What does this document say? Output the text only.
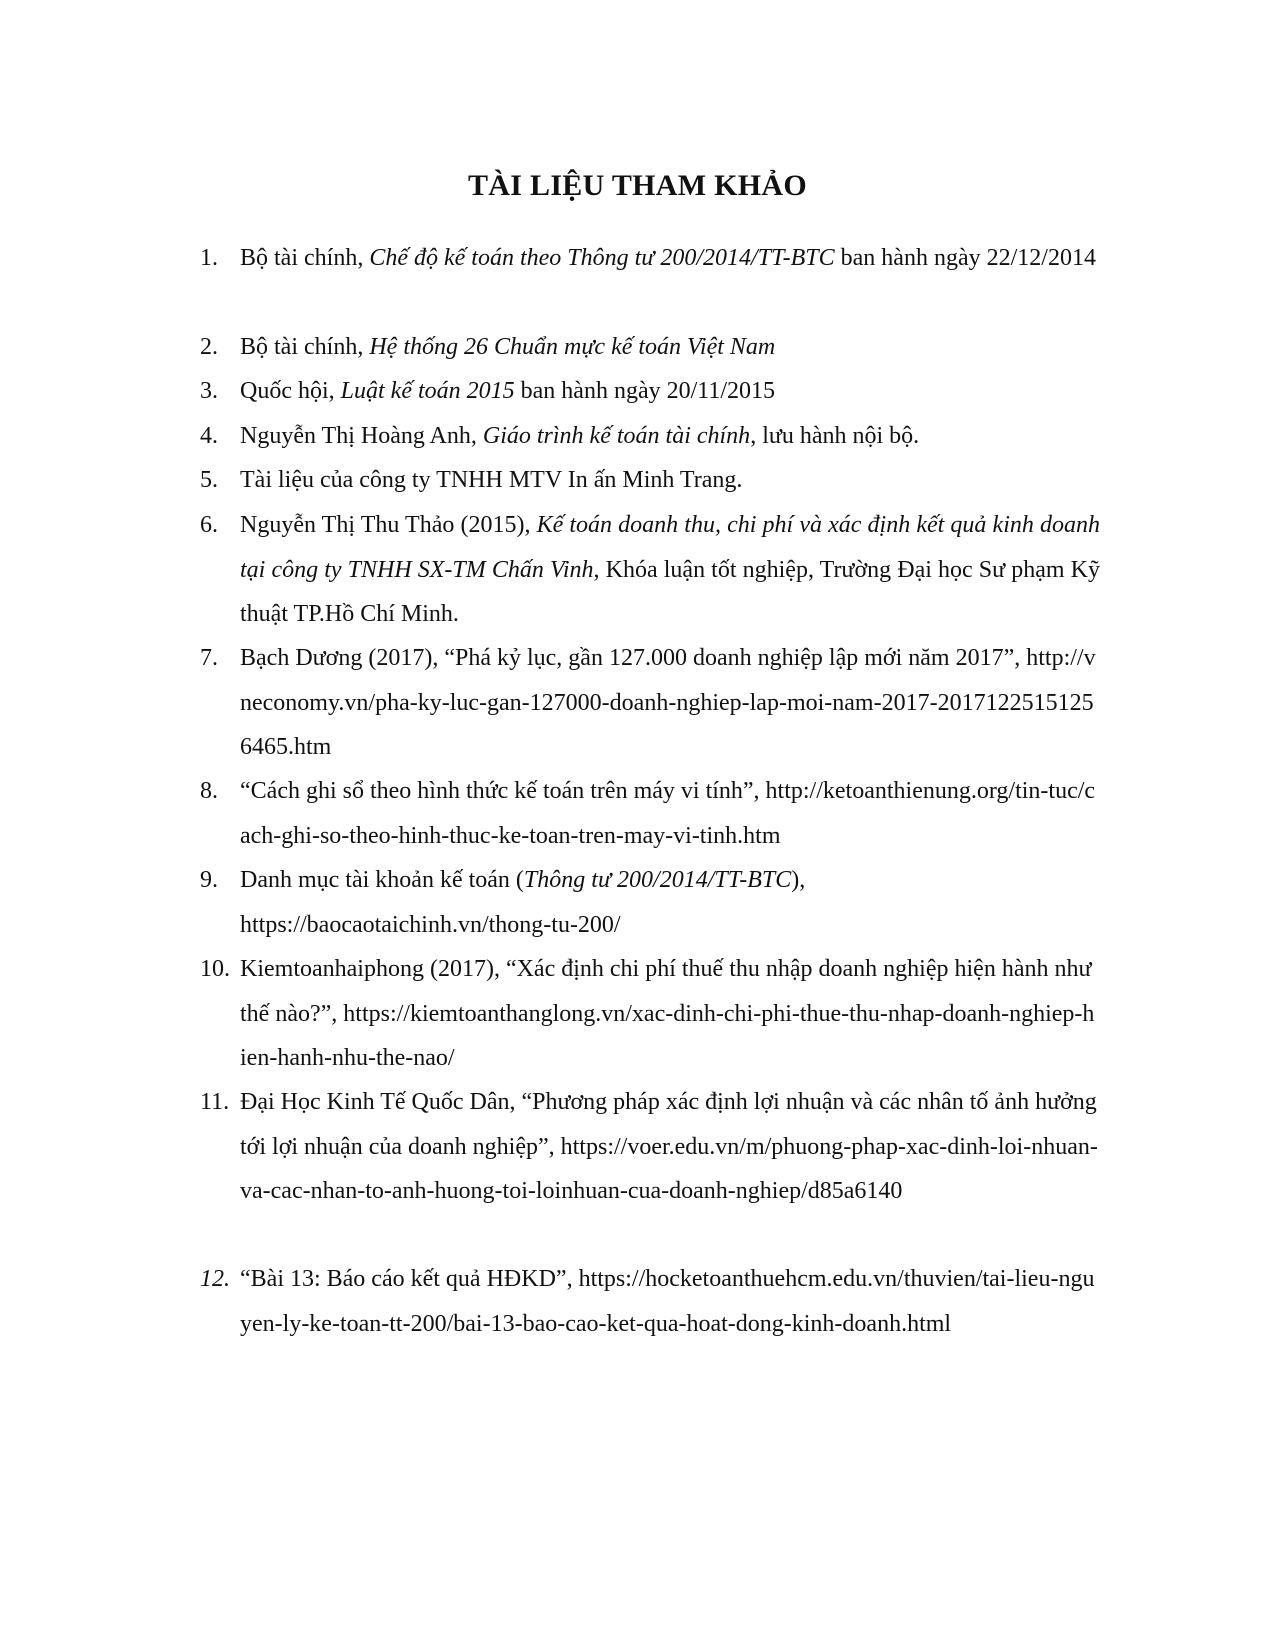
TÀI LIỆU THAM KHẢO
1. Bộ tài chính, Chế độ kế toán theo Thông tư 200/2014/TT-BTC ban hành ngày 22/12/2014
2. Bộ tài chính, Hệ thống 26 Chuẩn mực kế toán Việt Nam
3. Quốc hội, Luật kế toán 2015 ban hành ngày 20/11/2015
4. Nguyễn Thị Hoàng Anh, Giáo trình kế toán tài chính, lưu hành nội bộ.
5. Tài liệu của công ty TNHH MTV In ấn Minh Trang.
6. Nguyễn Thị Thu Thảo (2015), Kế toán doanh thu, chi phí và xác định kết quả kinh doanh tại công ty TNHH SX-TM Chấn Vinh, Khóa luận tốt nghiệp, Trường Đại học Sư phạm Kỹ thuật TP.Hồ Chí Minh.
7. Bạch Dương (2017), “Phá kỷ lục, gần 127.000 doanh nghiệp lập mới năm 2017”, http://vneconomy.vn/pha-ky-luc-gan-127000-doanh-nghiep-lap-moi-nam-2017-20171225151256465.htm
8. “Cách ghi sổ theo hình thức kế toán trên máy vi tính”, http://ketoanthienung.org/tin-tuc/cach-ghi-so-theo-hinh-thuc-ke-toan-tren-may-vi-tinh.htm
9. Danh mục tài khoản kế toán (Thông tư 200/2014/TT-BTC), https://baocaotaichinh.vn/thong-tu-200/
10. Kiemtoanhaiphong (2017), “Xác định chi phí thuế thu nhập doanh nghiệp hiện hành như thế nào?”, https://kiemtoanthanglong.vn/xac-dinh-chi-phi-thue-thu-nhap-doanh-nghiep-hien-hanh-nhu-the-nao/
11. Đại Học Kinh Tế Quốc Dân, “Phương pháp xác định lợi nhuận và các nhân tố ảnh hưởng tới lợi nhuận của doanh nghiệp”, https://voer.edu.vn/m/phuong-phap-xac-dinh-loi-nhuan-va-cac-nhan-to-anh-huong-toi-loinhuan-cua-doanh-nghiep/d85a6140
12. “Bài 13: Báo cáo kết quả HĐKD”, https://hocketoanthuehcm.edu.vn/thuvien/tai-lieu-nguyen-ly-ke-toan-tt-200/bai-13-bao-cao-ket-qua-hoat-dong-kinh-doanh.html
